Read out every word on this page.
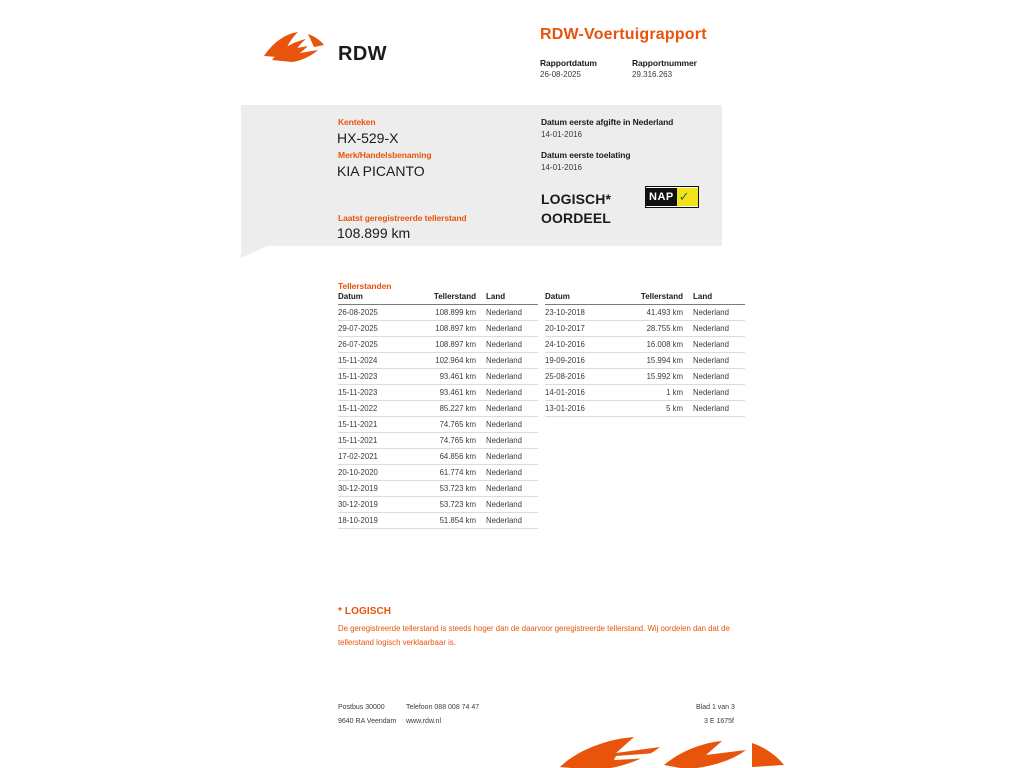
RDW
RDW-Voertuigrapport
Rapportdatum
26-08-2025
Rapportnummer
29.316.263
Kenteken
HX-529-X
Merk/Handelsbenaming
KIA PICANTO
Laatst geregistreerde tellerstand
108.899 km
Datum eerste afgifte in Nederland
14-01-2016
Datum eerste toelating
14-01-2016
LOGISCH*
OORDEEL
NAP ✓
Tellerstanden
Datum	Tellerstand	Land
26-08-2025	108.899 km	Nederland
29-07-2025	108.897 km	Nederland
26-07-2025	108.897 km	Nederland
15-11-2024	102.964 km	Nederland
15-11-2023	93.461 km	Nederland
15-11-2023	93.461 km	Nederland
15-11-2022	85.227 km	Nederland
15-11-2021	74.765 km	Nederland
15-11-2021	74.765 km	Nederland
17-02-2021	64.856 km	Nederland
20-10-2020	61.774 km	Nederland
30-12-2019	53.723 km	Nederland
30-12-2019	53.723 km	Nederland
18-10-2019	51.854 km	Nederland
Datum	Tellerstand	Land
23-10-2018	41.493 km	Nederland
20-10-2017	28.755 km	Nederland
24-10-2016	16.008 km	Nederland
19-09-2016	15.994 km	Nederland
25-08-2016	15.992 km	Nederland
14-01-2016	1 km	Nederland
13-01-2016	5 km	Nederland
* LOGISCH
De geregistreerde tellerstand is steeds hoger dan de daarvoor geregistreerde tellerstand. Wij oordelen dan dat de tellerstand logisch verklaarbaar is.
Postbus 30000
9640 RA Veendam
Telefoon 088 008 74 47
www.rdw.nl
Blad 1 van 3
3 E 1675f
